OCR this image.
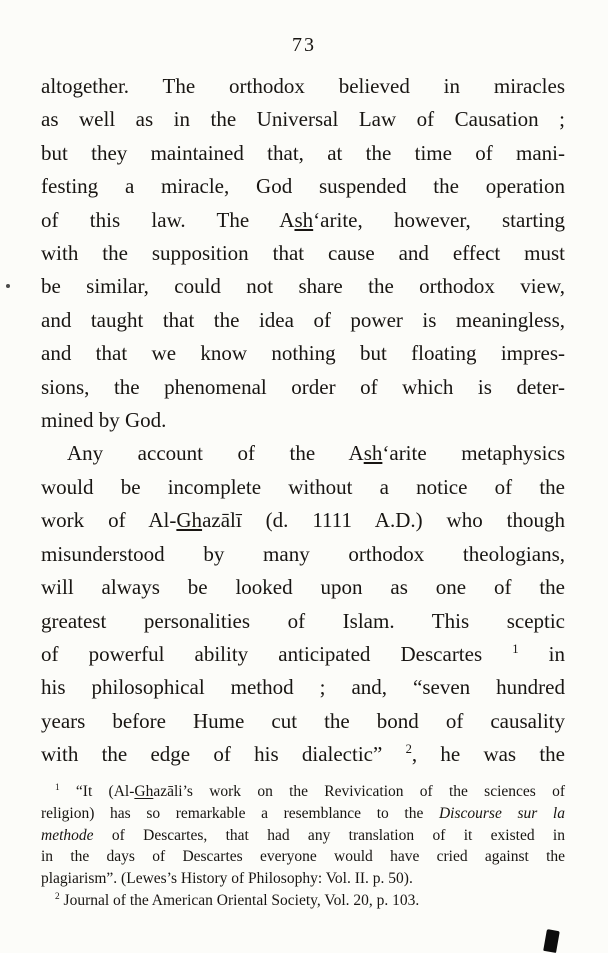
73
altogether. The orthodox believed in miracles
as well as in the Universal Law of Causation ;
but they maintained that, at the time of mani-
festing a miracle, God suspended the operation
of this law. The Ash‘arite, however, starting
with the supposition that cause and effect must
be similar, could not share the orthodox view,
and taught that the idea of power is meaningless,
and that we know nothing but floating impres-
sions, the phenomenal order of which is deter-
mined by God.
Any account of the Ash‘arite metaphysics
would be incomplete without a notice of the
work of Al-Ghazālī (d. 1111 A.D.) who though
misunderstood by many orthodox theologians,
will always be looked upon as one of the
greatest personalities of Islam. This sceptic
of powerful ability anticipated Descartes $^1$ in
his philosophical method ; and, “seven hundred
years before Hume cut the bond of causality
with the edge of his dialectic” $^2$, he was the
$^1$ “It (Al-Ghazāli’s work on the Revivication of the sciences of
religion) has so remarkable a resemblance to the Discourse sur la
methode of Descartes, that had any translation of it existed in
in the days of Descartes everyone would have cried against the
plagiarism”. (Lewes’s History of Philosophy: Vol. II. p. 50).
$^2$ Journal of the American Oriental Society, Vol. 20, p. 103.
